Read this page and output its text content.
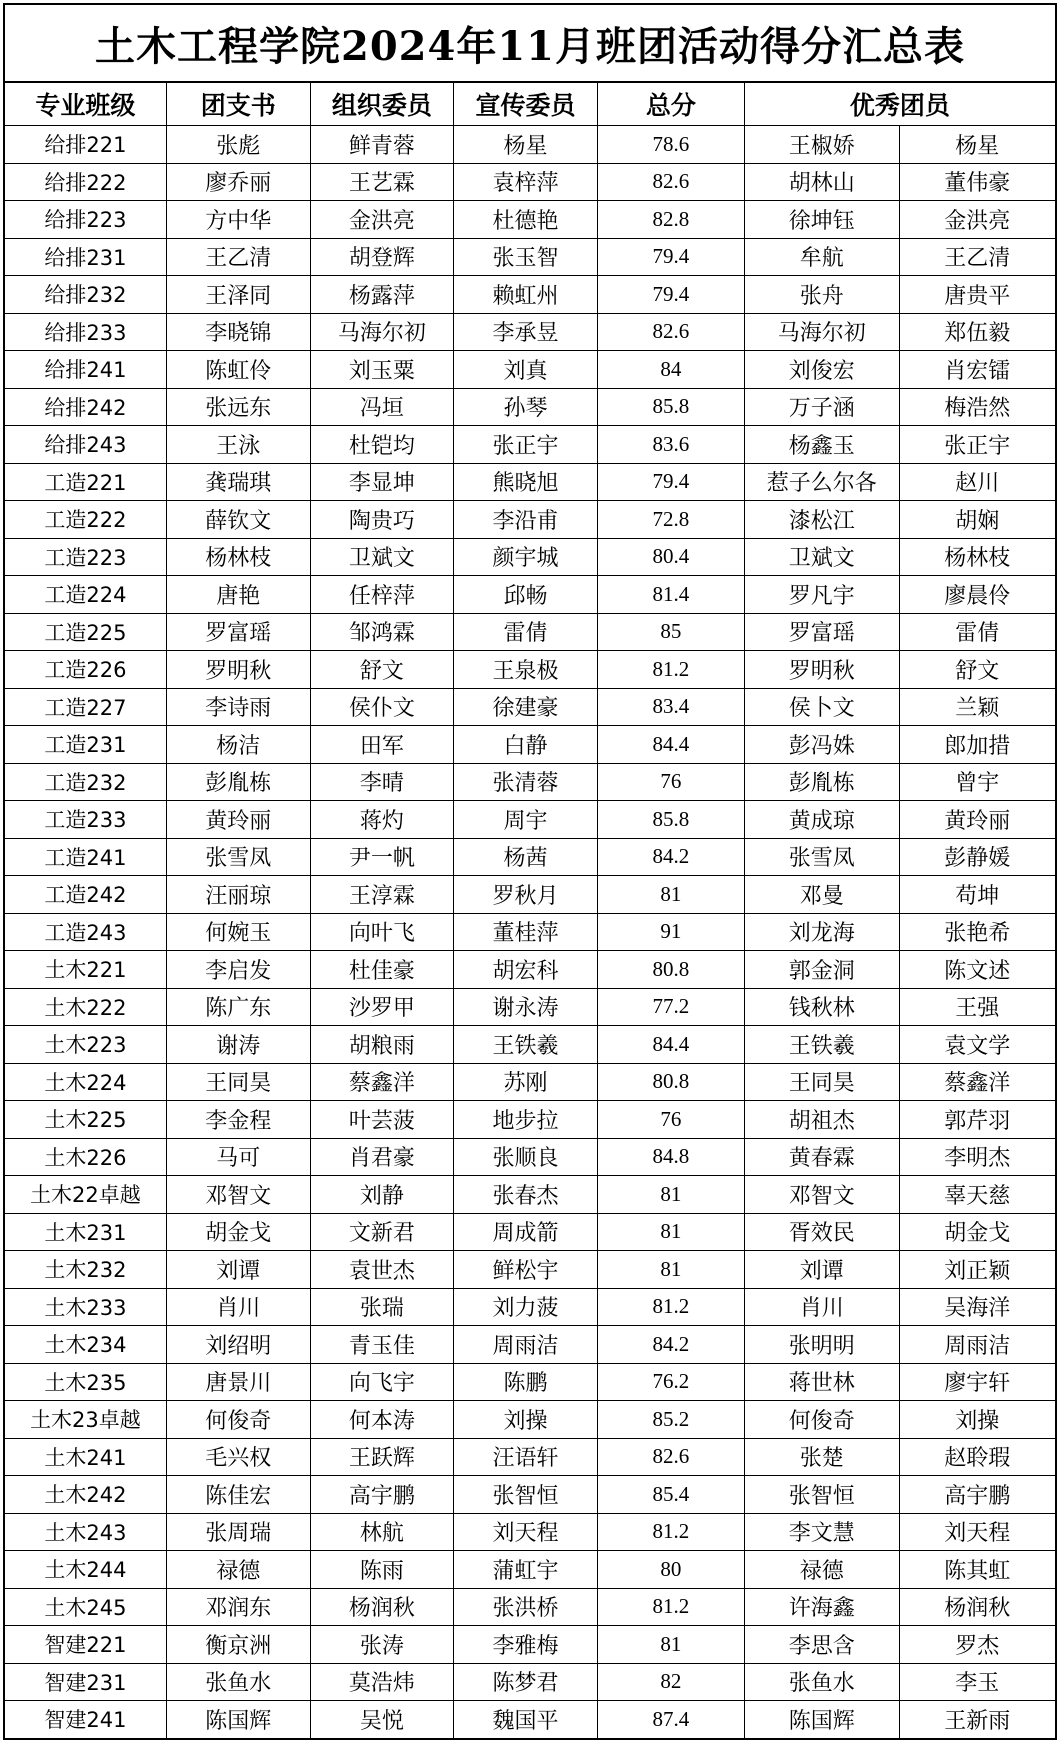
土木工程学院2024年11月班团活动得分汇总表
专业班级	团支书	组织委员	宣传委员	总分	优秀团员	
给排221	张彪	鲜青蓉	杨星	78.6	王椒娇	杨星
给排222	廖乔丽	王艺霖	袁梓萍	82.6	胡林山	董伟豪
给排223	方中华	金洪亮	杜德艳	82.8	徐坤钰	金洪亮
给排231	王乙清	胡登辉	张玉智	79.4	牟航	王乙清
给排232	王泽同	杨露萍	赖虹州	79.4	张舟	唐贵平
给排233	李晓锦	马海尔初	李承昱	82.6	马海尔初	郑伍毅
给排241	陈虹伶	刘玉粟	刘真	84	刘俊宏	肖宏镭
给排242	张远东	冯垣	孙琴	85.8	万子涵	梅浩然
给排243	王泳	杜铠均	张正宇	83.6	杨鑫玉	张正宇
工造221	龚瑞琪	李显坤	熊晓旭	79.4	惹子么尔各	赵川
工造222	薛钦文	陶贵巧	李沿甫	72.8	漆松江	胡娴
工造223	杨林枝	卫斌文	颜宇城	80.4	卫斌文	杨林枝
工造224	唐艳	任梓萍	邱畅	81.4	罗凡宇	廖晨伶
工造225	罗富瑶	邹鸿霖	雷倩	85	罗富瑶	雷倩
工造226	罗明秋	舒文	王泉极	81.2	罗明秋	舒文
工造227	李诗雨	侯仆文	徐建豪	83.4	侯卜文	兰颖
工造231	杨洁	田军	白静	84.4	彭冯姝	郎加措
工造232	彭胤栋	李晴	张清蓉	76	彭胤栋	曾宇
工造233	黄玲丽	蒋灼	周宇	85.8	黄成琼	黄玲丽
工造241	张雪凤	尹一帆	杨茜	84.2	张雪凤	彭静媛
工造242	汪丽琼	王淳霖	罗秋月	81	邓曼	苟坤
工造243	何婉玉	向叶飞	董桂萍	91	刘龙海	张艳希
土木221	李启发	杜佳豪	胡宏科	80.8	郭金洞	陈文述
土木222	陈广东	沙罗甲	谢永涛	77.2	钱秋林	王强
土木223	谢涛	胡粮雨	王铁羲	84.4	王铁羲	袁文学
土木224	王同昊	蔡鑫洋	苏刚	80.8	王同昊	蔡鑫洋
土木225	李金程	叶芸菠	地步拉	76	胡祖杰	郭芹羽
土木226	马可	肖君豪	张顺良	84.8	黄春霖	李明杰
土木22卓越	邓智文	刘静	张春杰	81	邓智文	辜天慈
土木231	胡金戈	文新君	周成箭	81	胥效民	胡金戈
土木232	刘谭	袁世杰	鲜松宇	81	刘谭	刘正颖
土木233	肖川	张瑞	刘力菠	81.2	肖川	吴海洋
土木234	刘绍明	青玉佳	周雨洁	84.2	张明明	周雨洁
土木235	唐景川	向飞宇	陈鹏	76.2	蒋世林	廖宇轩
土木23卓越	何俊奇	何本涛	刘操	85.2	何俊奇	刘操
土木241	毛兴权	王跃辉	汪语轩	82.6	张楚	赵聆瑕
土木242	陈佳宏	高宇鹏	张智恒	85.4	张智恒	高宇鹏
土木243	张周瑞	林航	刘天程	81.2	李文慧	刘天程
土木244	禄德	陈雨	蒲虹宇	80	禄德	陈其虹
土木245	邓润东	杨润秋	张洪桥	81.2	许海鑫	杨润秋
智建221	衡京洲	张涛	李雅梅	81	李思含	罗杰
智建231	张鱼水	莫浩炜	陈梦君	82	张鱼水	李玉
智建241	陈国辉	吴悦	魏国平	87.4	陈国辉	王新雨
